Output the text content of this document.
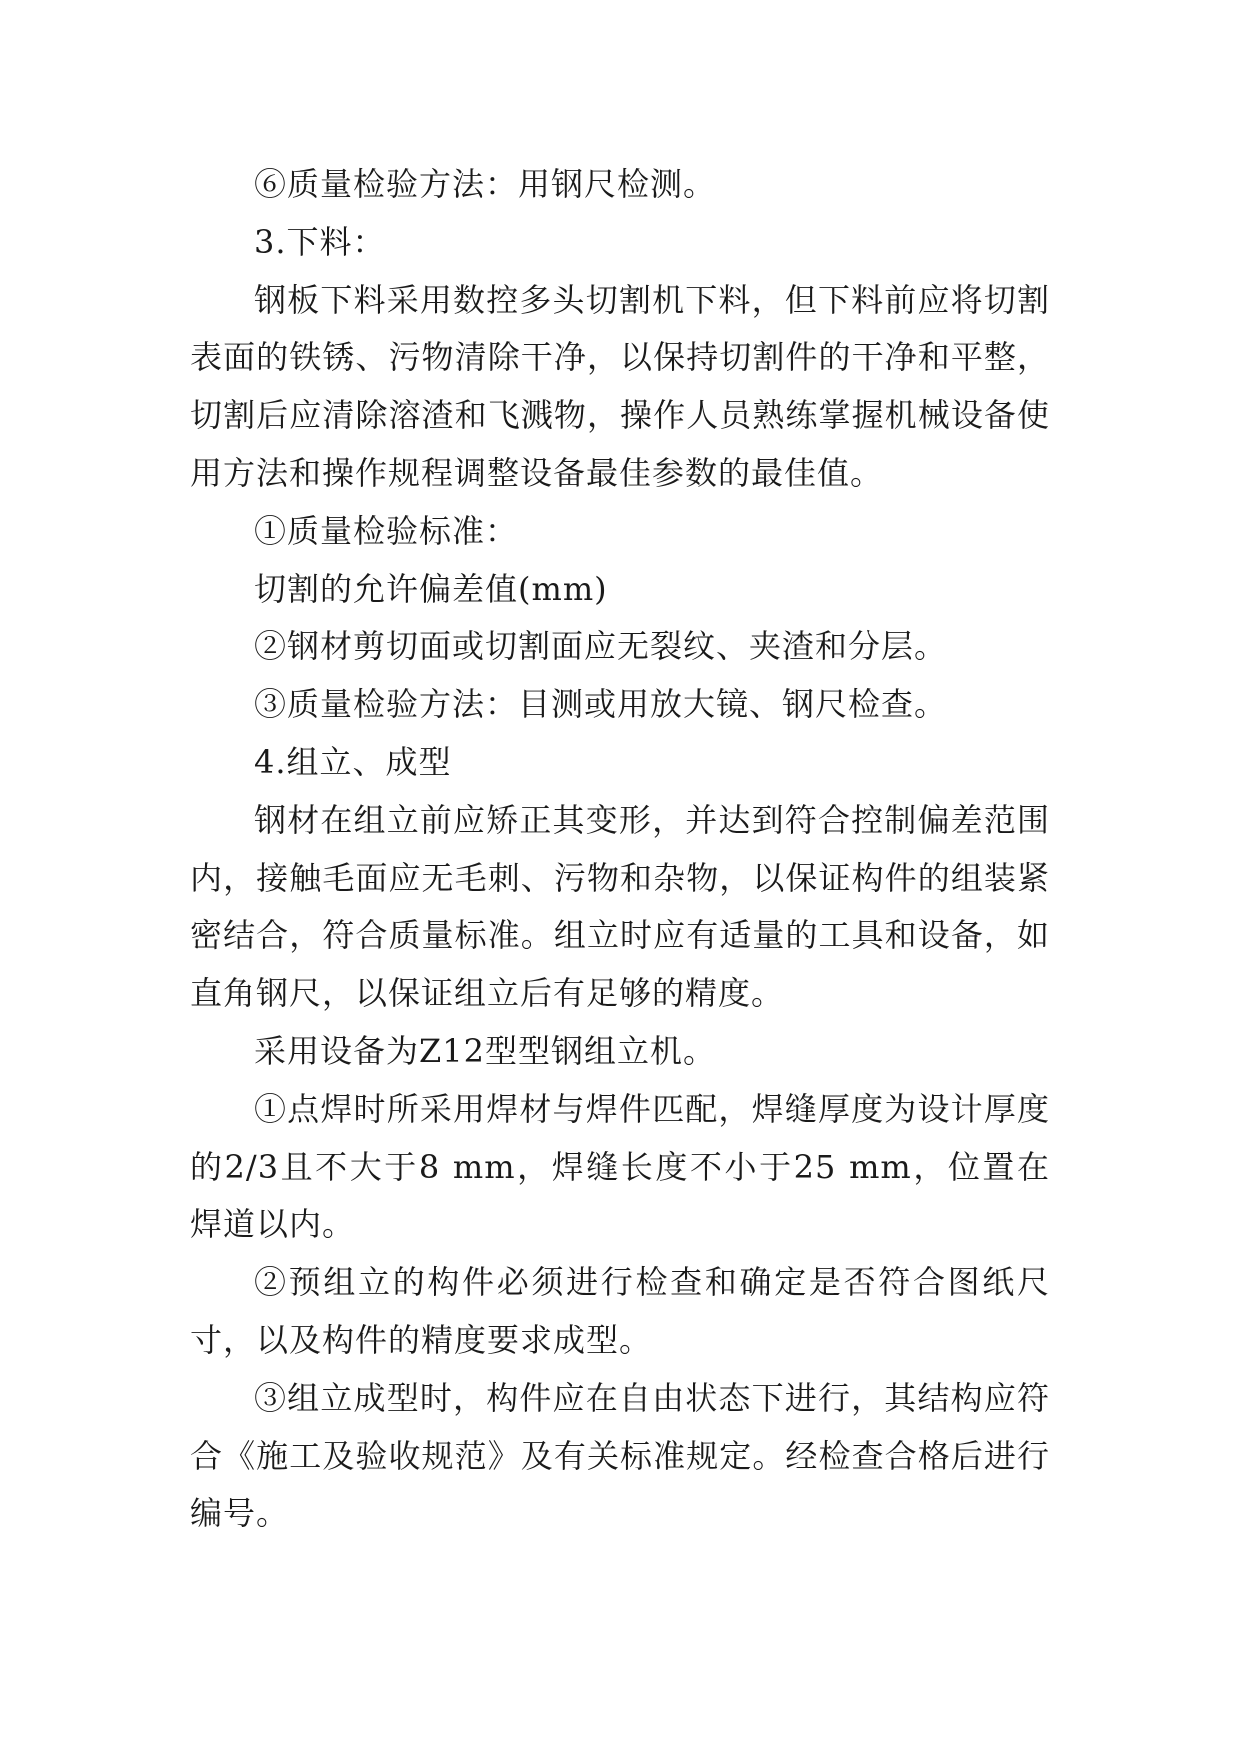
⑥质量检验方法：用钢尺检测。

3.下料：

钢板下料采用数控多头切割机下料，但下料前应将切割表面的铁锈、污物清除干净，以保持切割件的干净和平整，切割后应清除溶渣和飞溅物，操作人员熟练掌握机械设备使用方法和操作规程调整设备最佳参数的最佳值。

①质量检验标准：

切割的允许偏差值(mm)

②钢材剪切面或切割面应无裂纹、夹渣和分层。

③质量检验方法：目测或用放大镜、钢尺检查。

4.组立、成型

钢材在组立前应矫正其变形，并达到符合控制偏差范围内，接触毛面应无毛刺、污物和杂物，以保证构件的组装紧密结合，符合质量标准。组立时应有适量的工具和设备，如直角钢尺，以保证组立后有足够的精度。

采用设备为Z12型型钢组立机。

①点焊时所采用焊材与焊件匹配，焊缝厚度为设计厚度的2/3且不大于8 mm，焊缝长度不小于25 mm，位置在焊道以内。

②预组立的构件必须进行检查和确定是否符合图纸尺寸，以及构件的精度要求成型。

③组立成型时，构件应在自由状态下进行，其结构应符合《施工及验收规范》及有关标准规定。经检查合格后进行编号。
